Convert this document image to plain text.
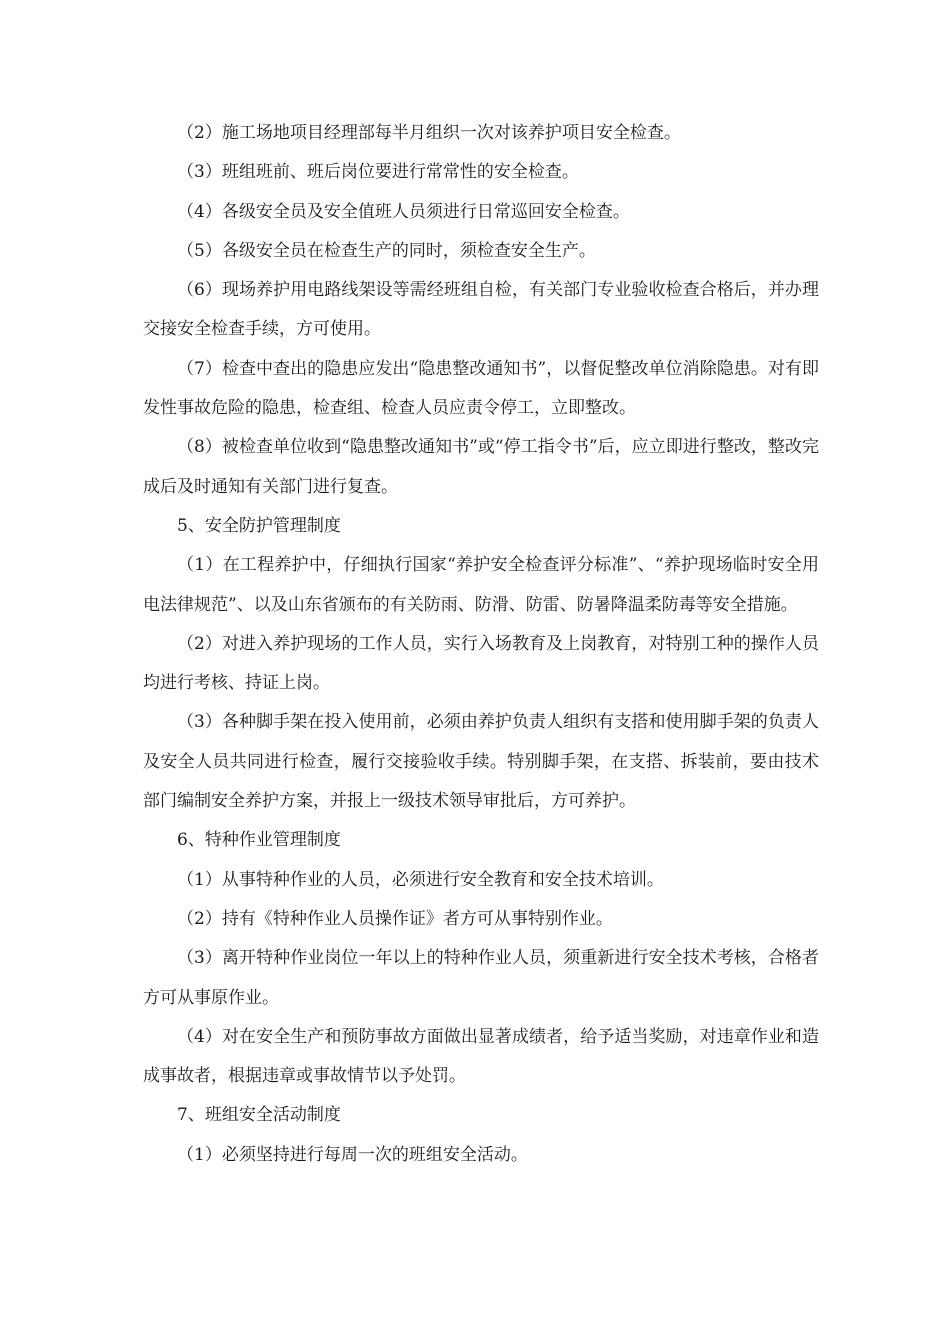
（2）施工场地项目经理部每半月组织一次对该养护项目安全检查。

（3）班组班前、班后岗位要进行常常性的安全检查。

（4）各级安全员及安全值班人员须进行日常巡回安全检查。

（5）各级安全员在检查生产的同时，须检查安全生产。

（6）现场养护用电路线架设等需经班组自检，有关部门专业验收检查合格后，并办理交接安全检查手续，方可使用。

（7）检查中查出的隐患应发出“隐患整改通知书”，以督促整改单位消除隐患。对有即发性事故危险的隐患，检查组、检查人员应责令停工，立即整改。

（8）被检查单位收到“隐患整改通知书”或“停工指令书”后，应立即进行整改，整改完成后及时通知有关部门进行复查。

5、安全防护管理制度

（1）在工程养护中，仔细执行国家“养护安全检查评分标准”、“养护现场临时安全用电法律规范”、以及山东省颁布的有关防雨、防滑、防雷、防暑降温柔防毒等安全措施。

（2）对进入养护现场的工作人员，实行入场教育及上岗教育，对特别工种的操作人员均进行考核、持证上岗。

（3）各种脚手架在投入使用前，必须由养护负责人组织有支搭和使用脚手架的负责人及安全人员共同进行检查，履行交接验收手续。特别脚手架，在支搭、拆装前，要由技术部门编制安全养护方案，并报上一级技术领导审批后，方可养护。

6、特种作业管理制度

（1）从事特种作业的人员，必须进行安全教育和安全技术培训。

（2）持有《特种作业人员操作证》者方可从事特别作业。

（3）离开特种作业岗位一年以上的特种作业人员，须重新进行安全技术考核，合格者方可从事原作业。

（4）对在安全生产和预防事故方面做出显著成绩者，给予适当奖励，对违章作业和造成事故者，根据违章或事故情节以予处罚。

7、班组安全活动制度

（1）必须坚持进行每周一次的班组安全活动。
